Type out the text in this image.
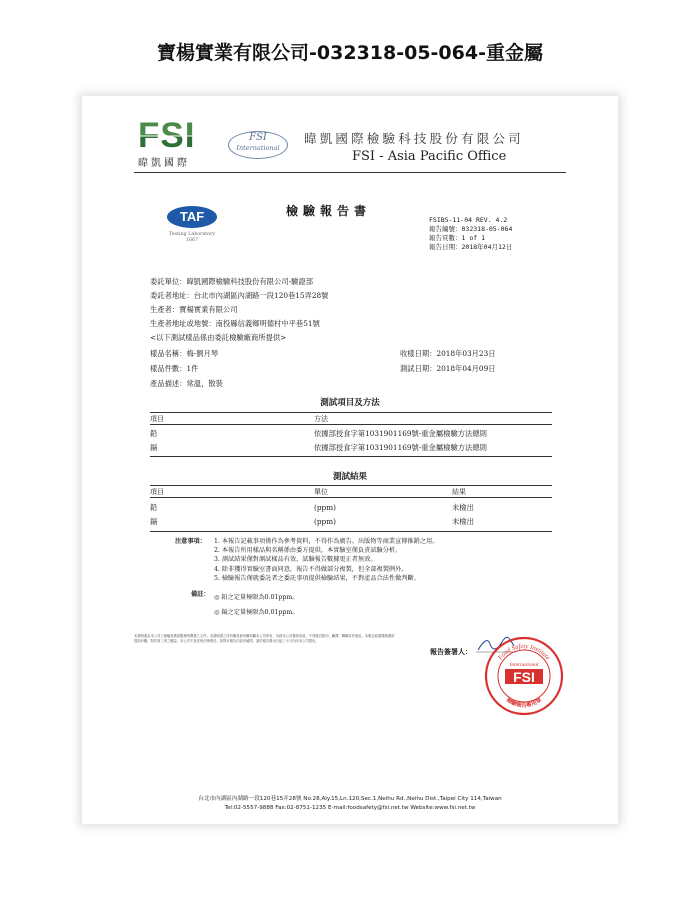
寶楊實業有限公司-032318-05-064-重金屬
FSI
暐凱國際
FSI
International
暐凱國際檢驗科技股份有限公司
FSI - Asia Pacific Office
TAF
Testing Laboratory
1667
檢驗報告書
FSIB5-11-04 REV. 4.2
報告編號：032318-05-064
報告頁數：1 of 1
報告日期：2018年04月12日
委託單位：暐凱國際檢驗科技股份有限公司-驗證部
委託者地址：台北市內湖區內湖路一段120巷15弄28號
生產者：寶楊實業有限公司
生產者地址或地號：南投縣信義鄉明德村中平巷51號
<以下測試樣品係由委託檢驗廠商所提供>
樣品名稱：梅-劉月琴	收樣日期：2018年03月23日
樣品件數：1件	測試日期：2018年04月09日
產品描述：常溫，散裝
測試項目及方法
項目	方法
鉛	依據部授食字第1031901169號-重金屬檢驗方法總則
鎘	依據部授食字第1031901169號-重金屬檢驗方法總則
測試結果
項目	單位	結果
鉛	(ppm)	未檢出
鎘	(ppm)	未檢出
注意事項： 1. 本報告記載事項僅作為參考資料，不得作為廣告、出版物等商業宣傳推銷之用。
2. 本報告所用樣品與名稱係由委方提供，本實驗室僅負責試驗分析。
3. 測試結果僅對測試樣品有效，試驗報告數據更正者無效。
4. 除非獲得實驗室書面同意，報告不得做部分複製，但全部複製例外。
5. 檢驗報告僅就委託者之委託事項提供檢驗結果，不對產品合法性做判斷。
備註： ◎ 鉛之定量極限為0.01ppm。
◎ 鎘之定量極限為0.01ppm。
本證明書為本公司之檢驗及測試服務所開發之文件。本證明書之所有權及使用權均屬本公司所有，未經本公司書面同意，不得擅自影印、翻譯、轉載或作他用。本報告結果僅與測試樣品有關，對於第三者之權益，本公司不負任何法律責任。如對本報告內容有疑問，請於報告發出日起三十日內向本公司提出。
報告簽署人：
Food Safety Institute
International
FSI
檢驗報告專用章
台北市內湖區內湖路一段120巷15弄28號 No.28,Aly.15,Ln.120,Sec.1,Neihu Rd.,Neihu Dist.,Taipei City 114,Taiwan
Tel:02-5557-9888 Fax:02-8751-1235 E-mail:foodsafety@fsi.net.tw Website:www.fsi.net.tw
